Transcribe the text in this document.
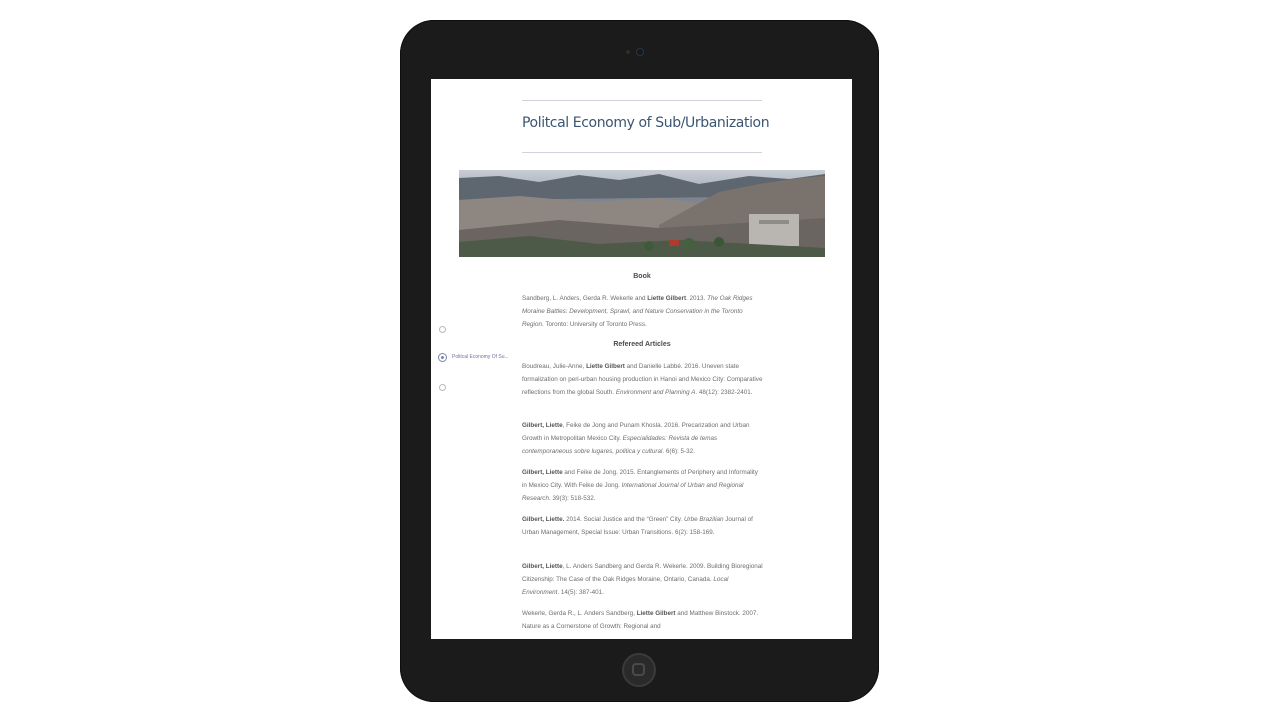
Politcal Economy of Sub/Urbanization
Book
Sandberg, L. Anders, Gerda R. Wekerle and Liette Gilbert. 2013. The Oak Ridges Moraine Battles: Development, Sprawl, and Nature Conservation in the Toronto Region. Toronto: University of Toronto Press.
Refereed Articles
Boudreau, Julie-Anne, Liette Gilbert and Danielle Labbé. 2016. Uneven state formalization on peri-urban housing production in Hanoi and Mexico City: Comparative reflections from the global South. Environment and Planning A. 48(12): 2382-2401.
Gilbert, Liette, Feike de Jong and Punam Khosla. 2016. Precarization and Urban Growth in Metropolitan Mexico City. Especialidades: Revista de temas contemporaneous sobre lugares, politica y cultural. 6(6): 5-32.
Gilbert, Liette and Feike de Jong. 2015. Entanglements of Periphery and Informality in Mexico City. With Feike de Jong. International Journal of Urban and Regional Research. 39(3): 518-532.
Gilbert, Liette. 2014. Social Justice and the “Green” City. Urbe Brazilian Journal of Urban Management, Special Issue: Urban Transitions. 6(2): 158-169.
Gilbert, Liette, L. Anders Sandberg and Gerda R. Wekerle. 2009. Building Bioregional Citizenship: The Case of the Oak Ridges Moraine, Ontario, Canada. Local Environment. 14(5): 387-401.
Wekerle, Gerda R., L. Anders Sandberg, Liette Gilbert and Matthew Binstock. 2007. Nature as a Cornerstone of Growth: Regional and
Politcal Economy Of Su...
